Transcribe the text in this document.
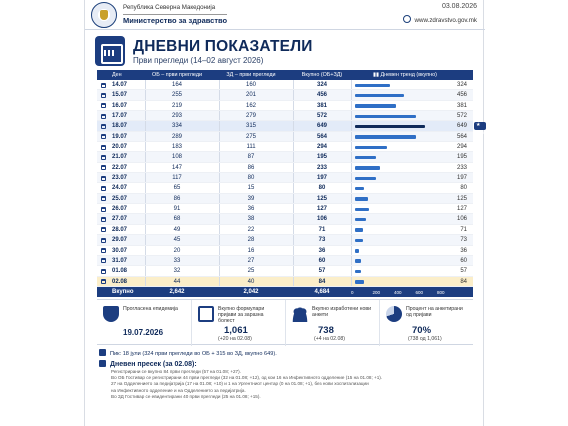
Република Северна Македонија
Министерство за здравство
03.08.2026
www.zdravstvo.gov.mk
ДНЕВНИ ПОКАЗАТЕЛИ
Први прегледи (14–02 август 2026)
Ден	ОБ – први прегледи	ЗД – први прегледи	Вкупно (ОБ+ЗД)	▮▮ Дневен тренд (вкупно)
14.07	164	160	324	324
15.07	255	201	456	456
16.07	219	162	381	381
17.07	293	279	572	572
18.07	334	315	649	649	★ Пик
19.07	289	275	564	564
20.07	183	111	294	294
21.07	108	87	195	195
22.07	147	86	233	233
23.07	117	80	197	197
24.07	65	15	80	80
25.07	86	39	125	125
26.07	91	36	127	127
27.07	68	38	106	106
28.07	49	22	71	71
29.07	45	28	73	73
30.07	20	16	36	36
31.07	33	27	60	60
01.08	32	25	57	57
02.08	44	40	84	84
Вкупно	2,642	2,042	4,684	0	200	400	600	800
Прогласена епидемија
19.07.2026
Вкупно формулари пријави за заразна болест
1,061
(+20 на 02.08)
Вкупно изработени нови анкети
738
(+4 на 02.08)
Процент на анкетирани од пријави
70%
(738 од 1,061)
Пик: 18 јули (324 први прегледи во ОБ + 315 во ЗД, вкупно 649).
Дневен пресек (за 02.08):
Регистрирани се вкупно 84 први прегледи (57 на 01.08; +27).
Во ОБ Гостивар се регистрирани 44 први прегледи (32 на 01.08; +12), од кои 16 на Инфективното одделение (15 на 01.08; +1).
27 на Одделението за педијатрија (17 на 01.08; +10) и 1 на Ургентниот центар (0 на 01.08; +1), без нови хоспитализации
на Инфективното одделение и на Одделението за педијатрија.
Во ЗД Гостивар се евидентирани 40 први прегледи (25 на 01.08; +15).
